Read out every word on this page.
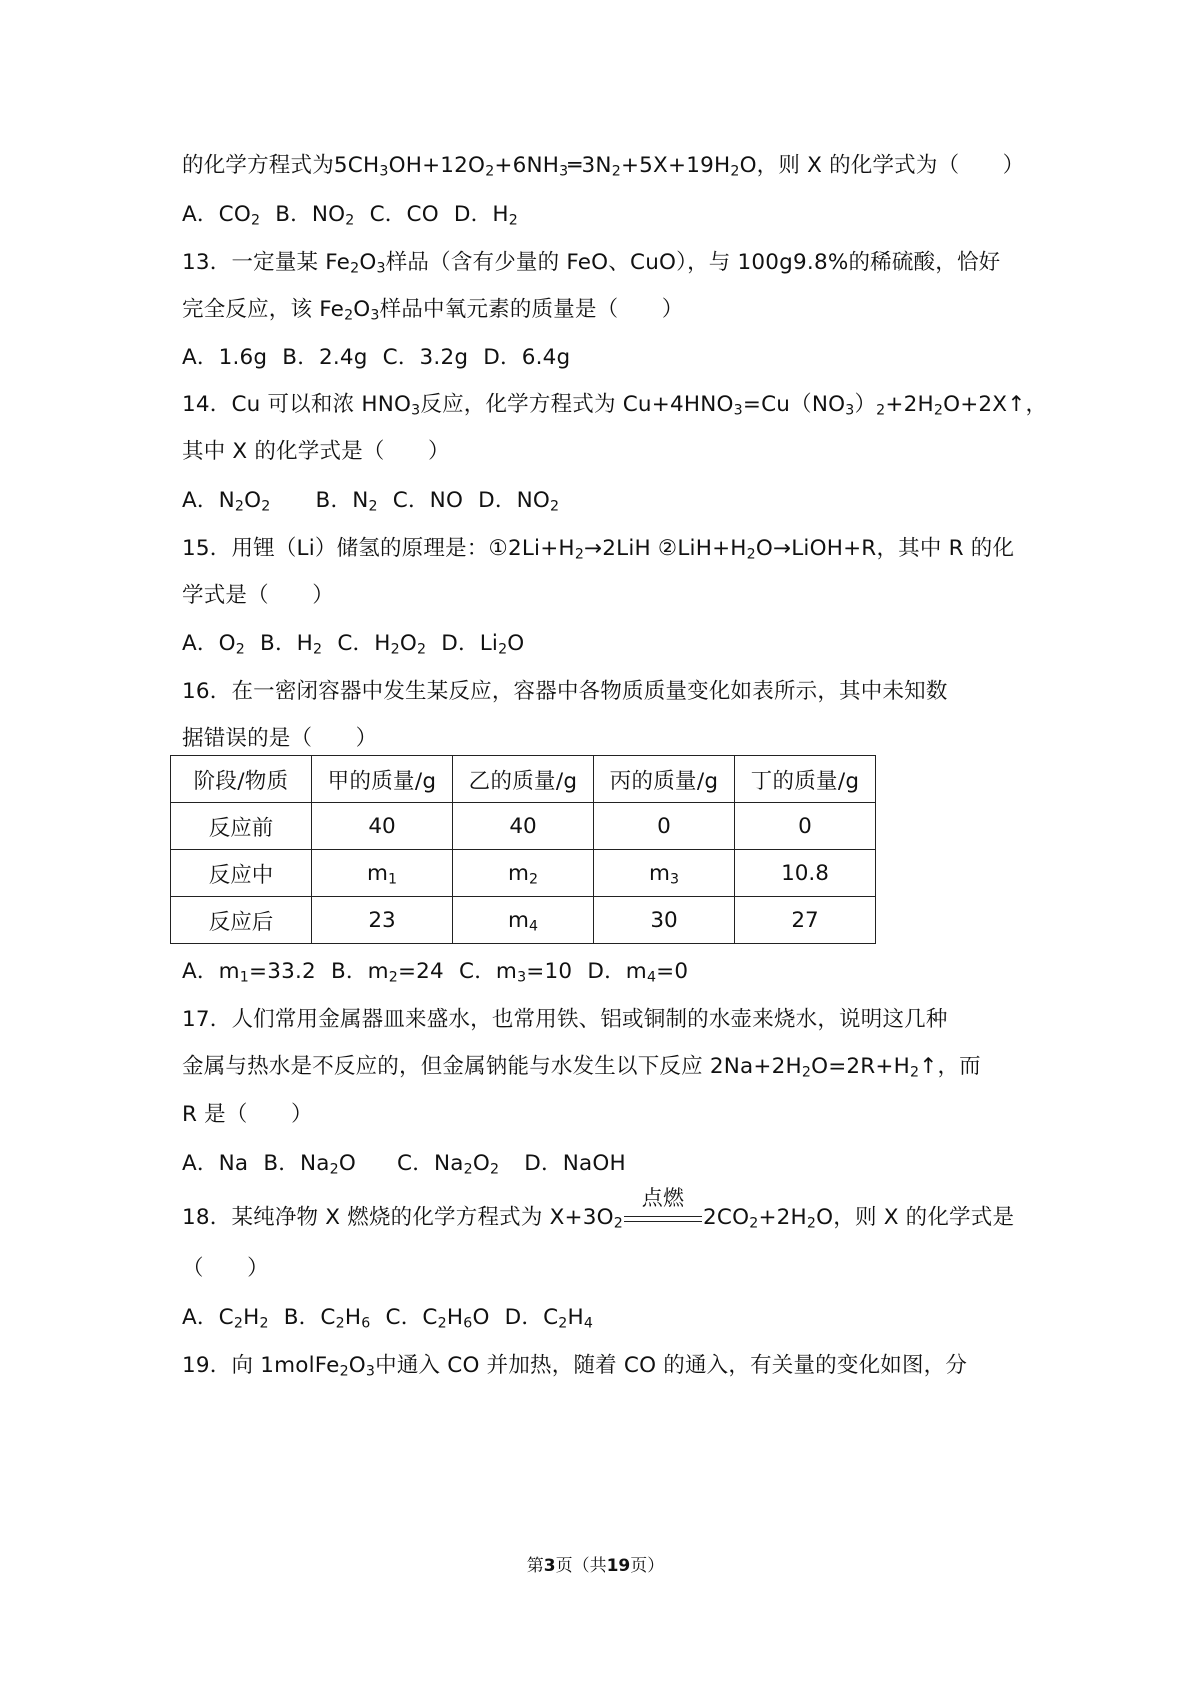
的化学方程式为$5CH_3OH+12O_2+6NH_3═3N_2+5X+19H_2O$，则 X 的化学式为（　　）
A．$CO_2$ B．$NO_2$ C．CO D．$H_2$
13．一定量某 $Fe_2O_3$样品（含有少量的 FeO、CuO），与 100g9.8%的稀硫酸，恰好
完全反应，该 $Fe_2O_3$样品中氧元素的质量是（　　）
A．1.6g B．2.4g C．3.2g D．6.4g
14．Cu 可以和浓 $HNO_3$反应，化学方程式为 $Cu+4HNO_3=Cu(NO_3)_2+2H_2O+2X↑$，
其中 X 的化学式是（　　）
A．$N_2O_2$ B．$N_2$ C．NO D．$NO_2$
15．用锂（Li）储氢的原理是：$①2Li+H_2\to 2LiH$ $②LiH+H_2O\to LiOH+R$，其中 R 的化
学式是（　　）
A．$O_2$ B．$H_2$ C．$H_2O_2$ D．$Li_2O$
16．在一密闭容器中发生某反应，容器中各物质质量变化如表所示，其中未知数
据错误的是（　　）
阶段/物质	甲的质量/g	乙的质量/g	丙的质量/g	丁的质量/g
反应前	40	40	0	0
反应中	$m_1$	$m_2$	$m_3$	10.8
反应后	23	$m_4$	30	27
A．$m_1=33.2$ B．$m_2=24$ C．$m_3=10$ D．$m_4=0$
17．人们常用金属器皿来盛水，也常用铁、铝或铜制的水壶来烧水，说明这几种
金属与热水是不反应的，但金属钠能与水发生以下反应 $2Na+2H_2O=2R+H_2↑$，而
R 是（　　）
A．Na B．$Na_2O$ C．$Na_2O_2$ D．NaOH
18．某纯净物 X 燃烧的化学方程式为 $X+3O_2$
点燃
$2CO_2+2H_2O$，则 X 的化学式是
（　　）
A．$C_2H_2$ B．$C_2H_6$ C．$C_2H_6O$ D．$C_2H_4$
19．向 $1molFe_2O_3$中通入 CO 并加热，随着 CO 的通入，有关量的变化如图，分
第3页（共19页）
